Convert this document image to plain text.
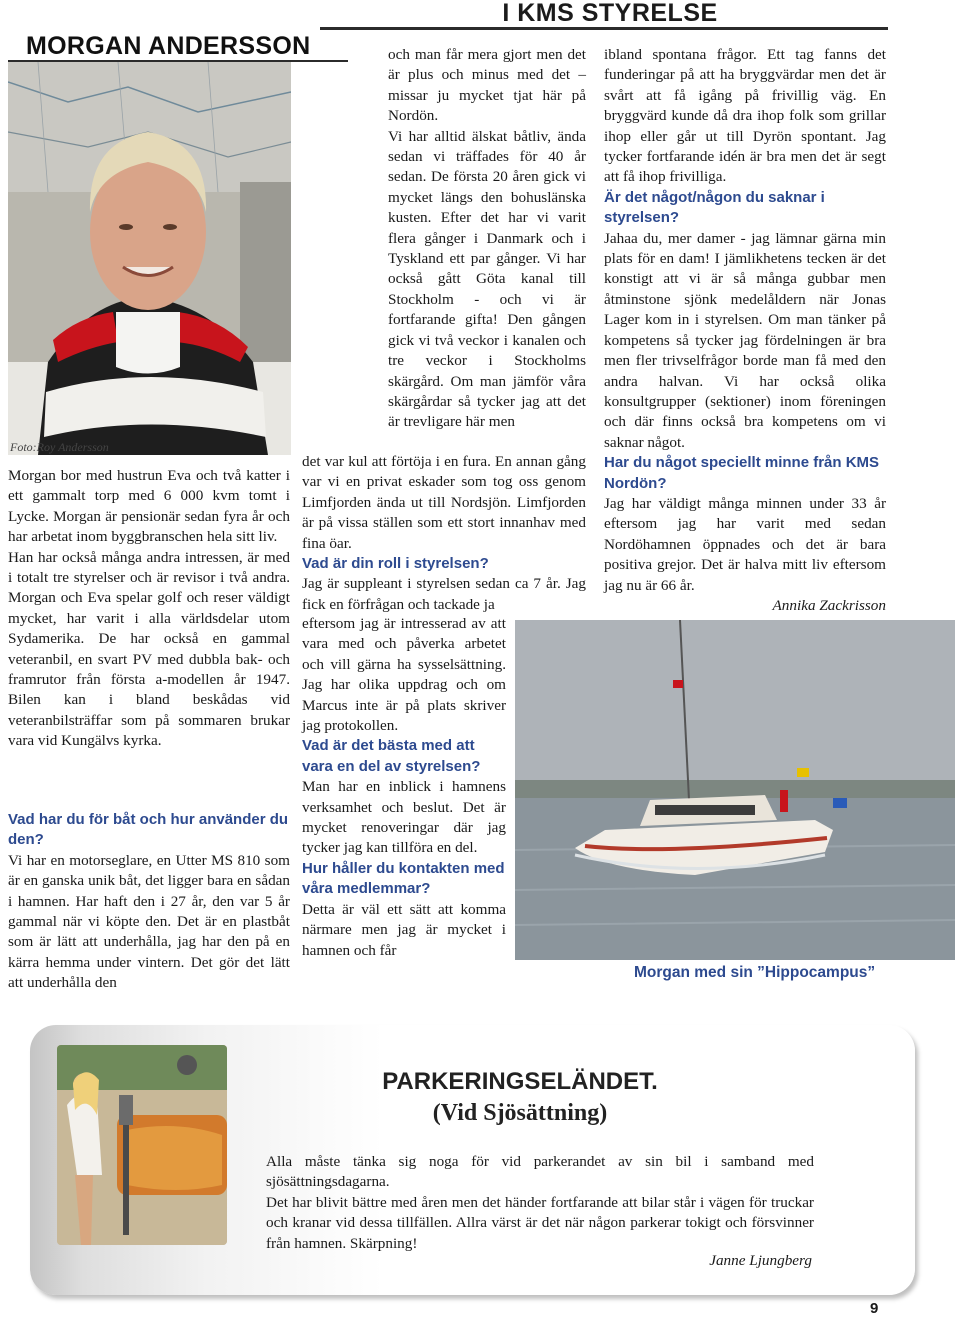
I KMS STYRELSE
MORGAN ANDERSSON
Foto:Roy Andersson

Morgan bor med hustrun Eva och två katter i ett gammalt torp med 6 000 kvm tomt i Lycke. Morgan är pensionär sedan fyra år och har arbetat inom byggbranschen hela sitt liv.

Han har också många andra intressen, är med i totalt tre styrelser och är revisor i två andra. Morgan och Eva spelar golf och reser väldigt mycket, har varit i alla världsdelar utom Sydamerika. De har också en gammal veteranbil, en svart PV med dubbla bak- och framrutor från första a-modellen år 1947. Bilen kan i bland beskådas vid veteranbilsträffar som på sommaren brukar vara vid Kungälvs kyrka.

Vad har du för båt och hur använder du den?

Vi har en motorseglare, en Utter MS 810 som är en ganska unik båt, det ligger bara en sådan i hamnen. Har haft den i 27 år, den var 5 år gammal när vi köpte den. Det är en plastbåt som är lätt att underhålla, jag har den på en kärra hemma under vintern. Det gör det lätt att underhålla den

och man får mera gjort men det är plus och minus med det – missar ju mycket tjat här på Nordön.

Vi har alltid älskat båtliv, ända sedan vi träffades för 40 år sedan. De första 20 åren gick vi mycket längs den bohuslänska kusten. Efter det har vi varit flera gånger i Danmark och i Tyskland ett par gånger. Vi har också gått Göta kanal till Stockholm - och vi är fortfarande gifta! Den gången gick vi två veckor i kanalen och tre veckor i Stockholms skärgård. Om man jämför våra skärgårdar så tycker jag att det är trevligare här men

det var kul att förtöja i en fura. En annan gång var vi en privat eskader som tog oss genom Limfjorden ända ut till Nordsjön. Limfjorden är på vissa ställen som ett stort innanhav med fina öar.

Vad är din roll i styrelsen?

Jag är suppleant i styrelsen sedan ca 7 år. Jag fick en förfrågan och tackade ja

eftersom jag är intresserad av att vara med och påverka arbetet och vill gärna ha sysselsättning. Jag har olika uppdrag och om Marcus inte är på plats skriver jag protokollen.

Vad är det bästa med att vara en del av styrelsen?

Man har en inblick i hamnens verksamhet och beslut. Det är mycket renoveringar där jag tycker jag kan tillföra en del.

Hur håller du kontakten med våra medlemmar?

Detta är väl ett sätt att komma närmare men jag är mycket i hamnen och får

ibland spontana frågor. Ett tag fanns det funderingar på att ha bryggvärdar men det är svårt att få igång på frivillig väg. En bryggvärd kunde då dra ihop folk som grillar ihop eller går ut till Dyrön spontant. Jag tycker fortfarande idén är bra men det är segt att få ihop frivilliga.

Är det något/någon du saknar i styrelsen?

Jahaa du, mer damer - jag lämnar gärna min plats för en dam! I jämlikhetens tecken är det konstigt att vi är så många gubbar men åtminstone sjönk medelåldern när Jonas Lager kom in i styrelsen. Om man tänker på kompetens så tycker jag fördelningen är bra men fler trivselfrågor borde man få med den andra halvan. Vi har också olika konsultgrupper (sektioner) inom föreningen och där finns också bra kompetens om vi saknar något.

Har du något speciellt minne från KMS Nordön?

Jag har väldigt många minnen under 33 år eftersom jag har varit med sedan Nordöhamnen öppnades och det är bara positiva grejor. Det är halva mitt liv eftersom jag nu är 66 år.

Annika Zackrisson

Morgan med sin ”Hippocampus”
PARKERINGSELÄNDET.
(Vid Sjösättning)

Alla måste tänka sig noga för vid parkerandet av sin bil i samband med sjösättningsdagarna.

Det har blivit bättre med åren men det händer fortfarande att bilar står i vägen för truckar och kranar vid dessa tillfällen. Allra värst är det när någon parkerar tokigt och försvinner från hamnen. Skärpning!

Janne Ljungberg
9
